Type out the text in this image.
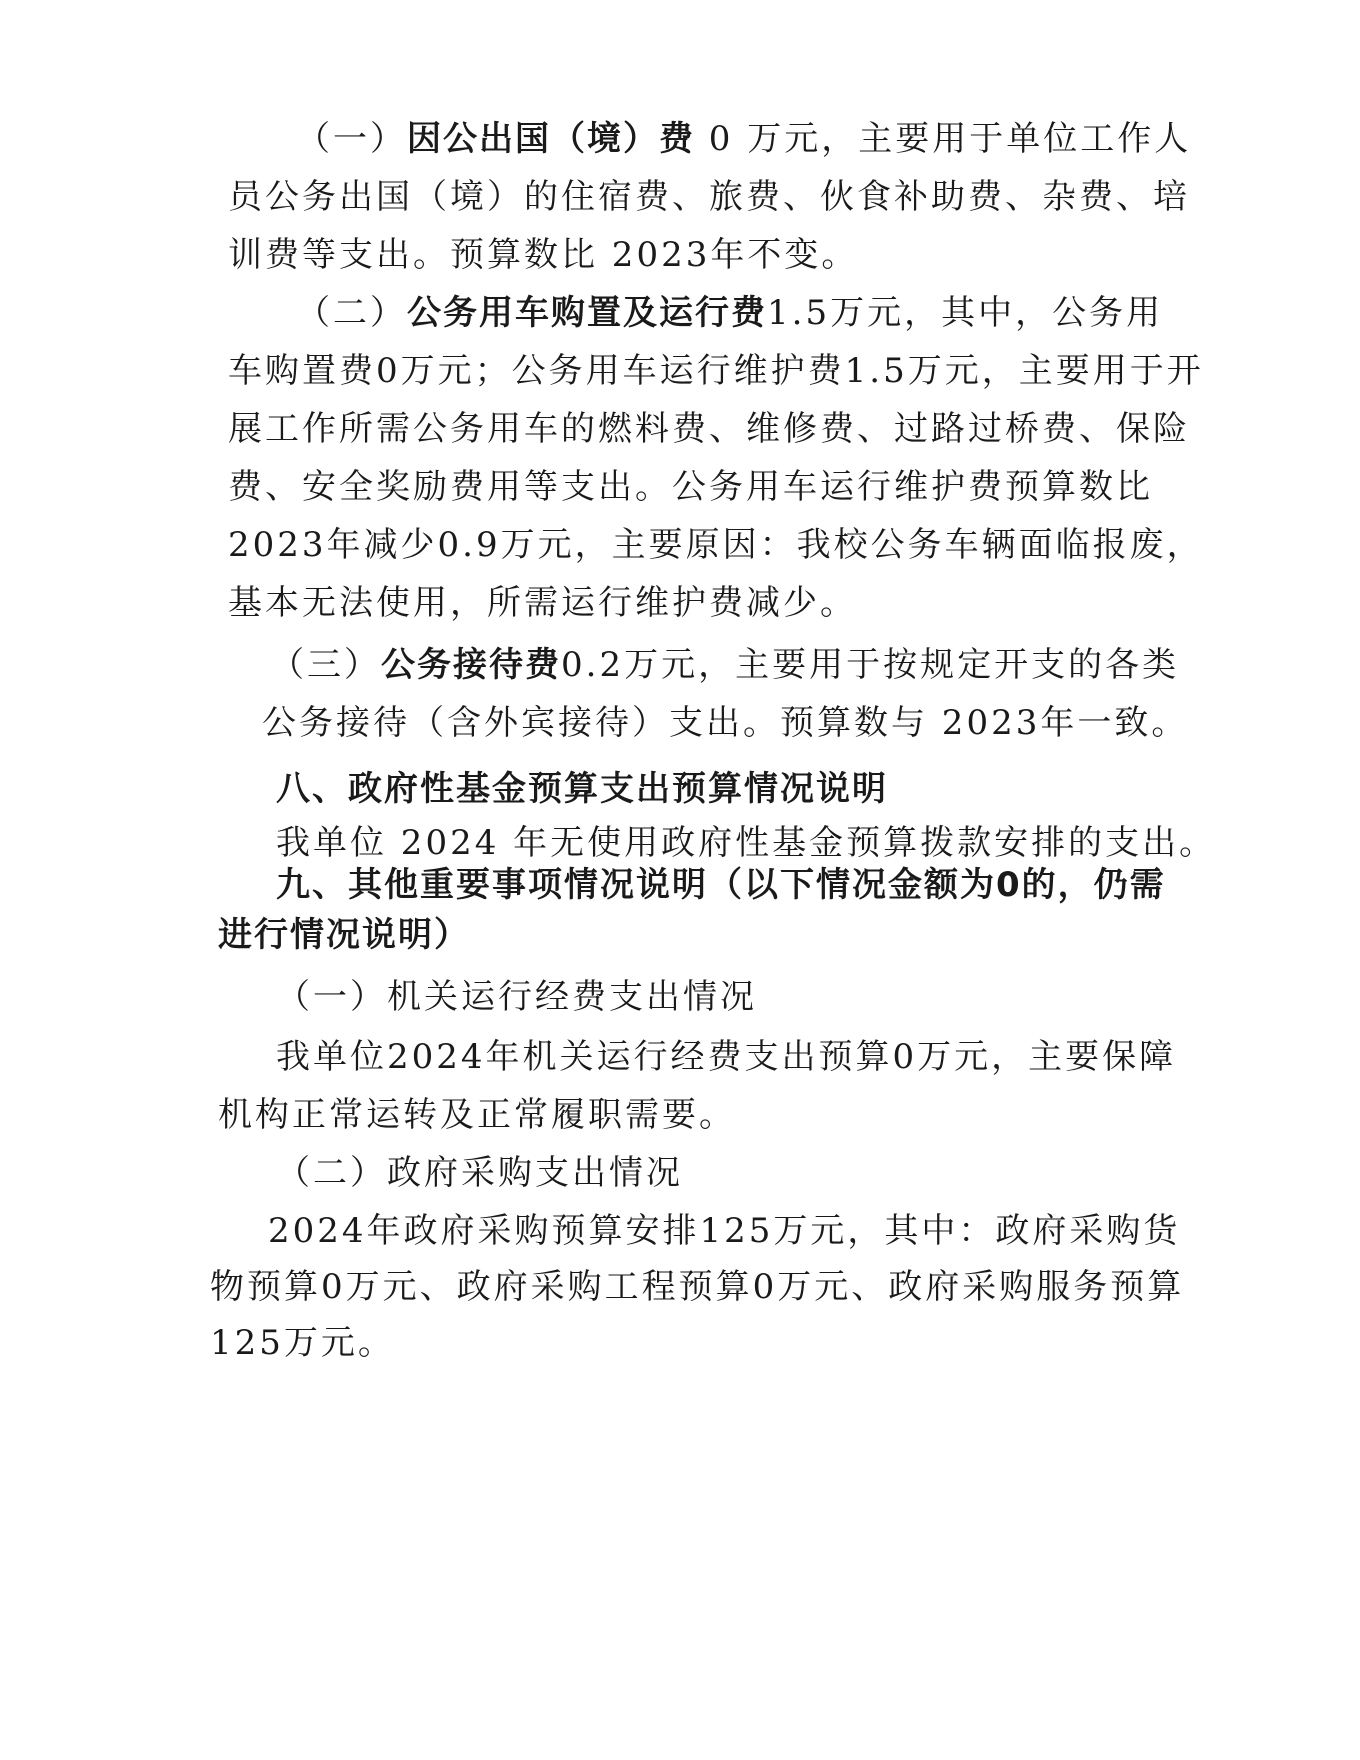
（一）因公出国（境）费 0 万元，主要用于单位工作人
员公务出国（境）的住宿费、旅费、伙食补助费、杂费、培
训费等支出。预算数比 2023年不变。
（二）公务用车购置及运行费1.5万元，其中，公务用
车购置费0万元；公务用车运行维护费1.5万元，主要用于开
展工作所需公务用车的燃料费、维修费、过路过桥费、保险
费、安全奖励费用等支出。公务用车运行维护费预算数比
2023年减少0.9万元，主要原因：我校公务车辆面临报废，
基本无法使用，所需运行维护费减少。
（三）公务接待费0.2万元，主要用于按规定开支的各类
公务接待（含外宾接待）支出。预算数与 2023年一致。
八、政府性基金预算支出预算情况说明
我单位 2024 年无使用政府性基金预算拨款安排的支出。
九、其他重要事项情况说明（以下情况金额为0的，仍需
进行情况说明）
（一）机关运行经费支出情况
我单位2024年机关运行经费支出预算0万元，主要保障
机构正常运转及正常履职需要。
（二）政府采购支出情况
2024年政府采购预算安排125万元，其中：政府采购货
物预算0万元、政府采购工程预算0万元、政府采购服务预算
125万元。
